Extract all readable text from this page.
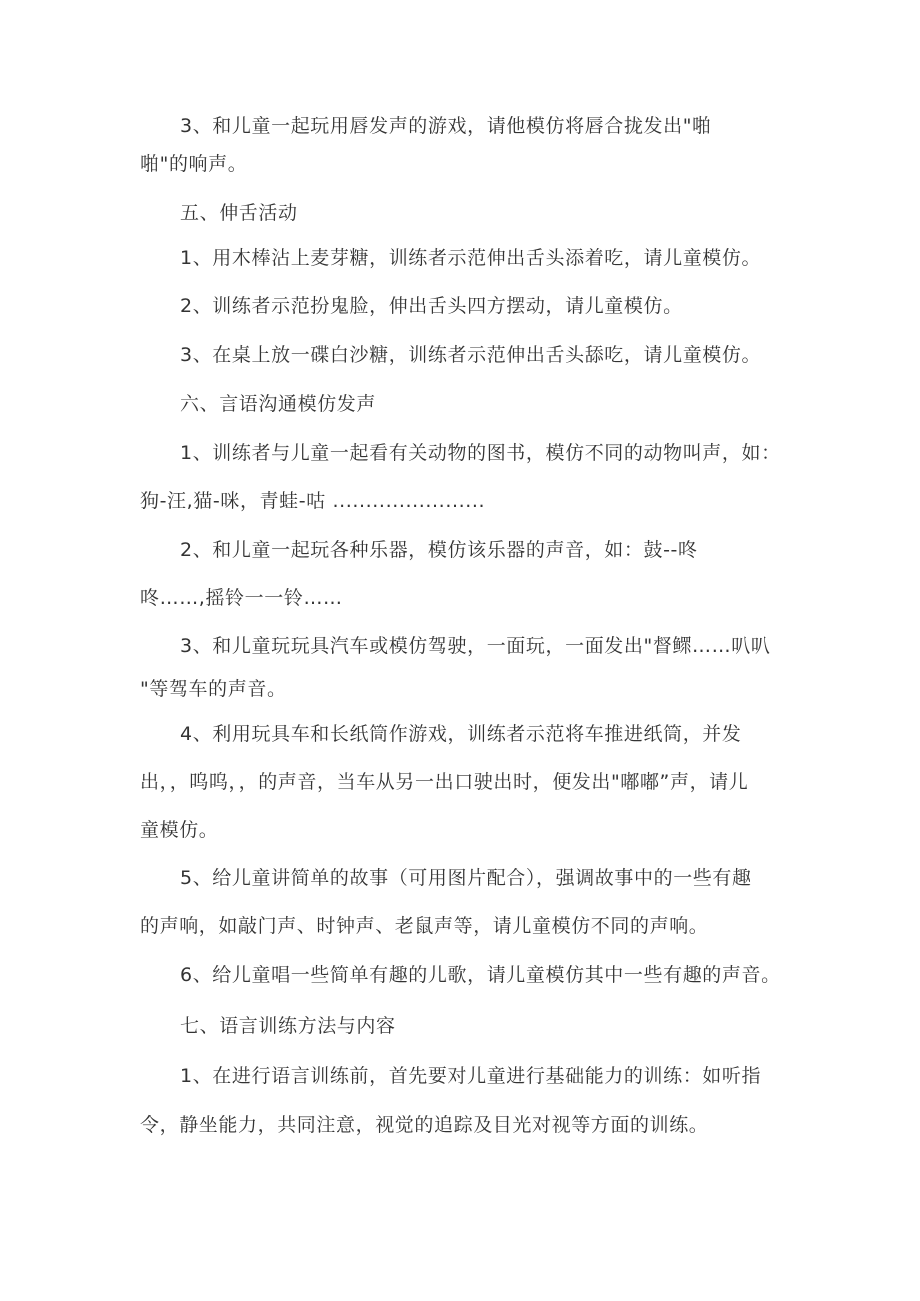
3、和儿童一起玩用唇发声的游戏，请他模仿将唇合拢发出"啪
啪"的响声。
五、伸舌活动
1、用木棒沾上麦芽糖，训练者示范伸出舌头添着吃，请儿童模仿。
2、训练者示范扮鬼脸，伸出舌头四方摆动，请儿童模仿。
3、在桌上放一碟白沙糖，训练者示范伸出舌头舔吃，请儿童模仿。
六、言语沟通模仿发声
1、训练者与儿童一起看有关动物的图书，模仿不同的动物叫声，如：
狗-汪,猫-咪，青蛙-咕 .......................
2、和儿童一起玩各种乐器，模仿该乐器的声音，如：鼓--咚
咚……,摇铃一一铃……
3、和儿童玩玩具汽车或模仿驾驶，一面玩，一面发出"督鳏……叭叭
"等驾车的声音。
4、利用玩具车和长纸筒作游戏，训练者示范将车推进纸筒，并发
出，，呜呜，，的声音，当车从另一出口驶出时，便发出"嘟嘟”声，请儿
童模仿。
5、给儿童讲简单的故事（可用图片配合），强调故事中的一些有趣
的声响，如敲门声、时钟声、老鼠声等，请儿童模仿不同的声响。
6、给儿童唱一些简单有趣的儿歌，请儿童模仿其中一些有趣的声音。
七、语言训练方法与内容
1、在进行语言训练前，首先要对儿童进行基础能力的训练：如听指
令，静坐能力，共同注意，视觉的追踪及目光对视等方面的训练。
